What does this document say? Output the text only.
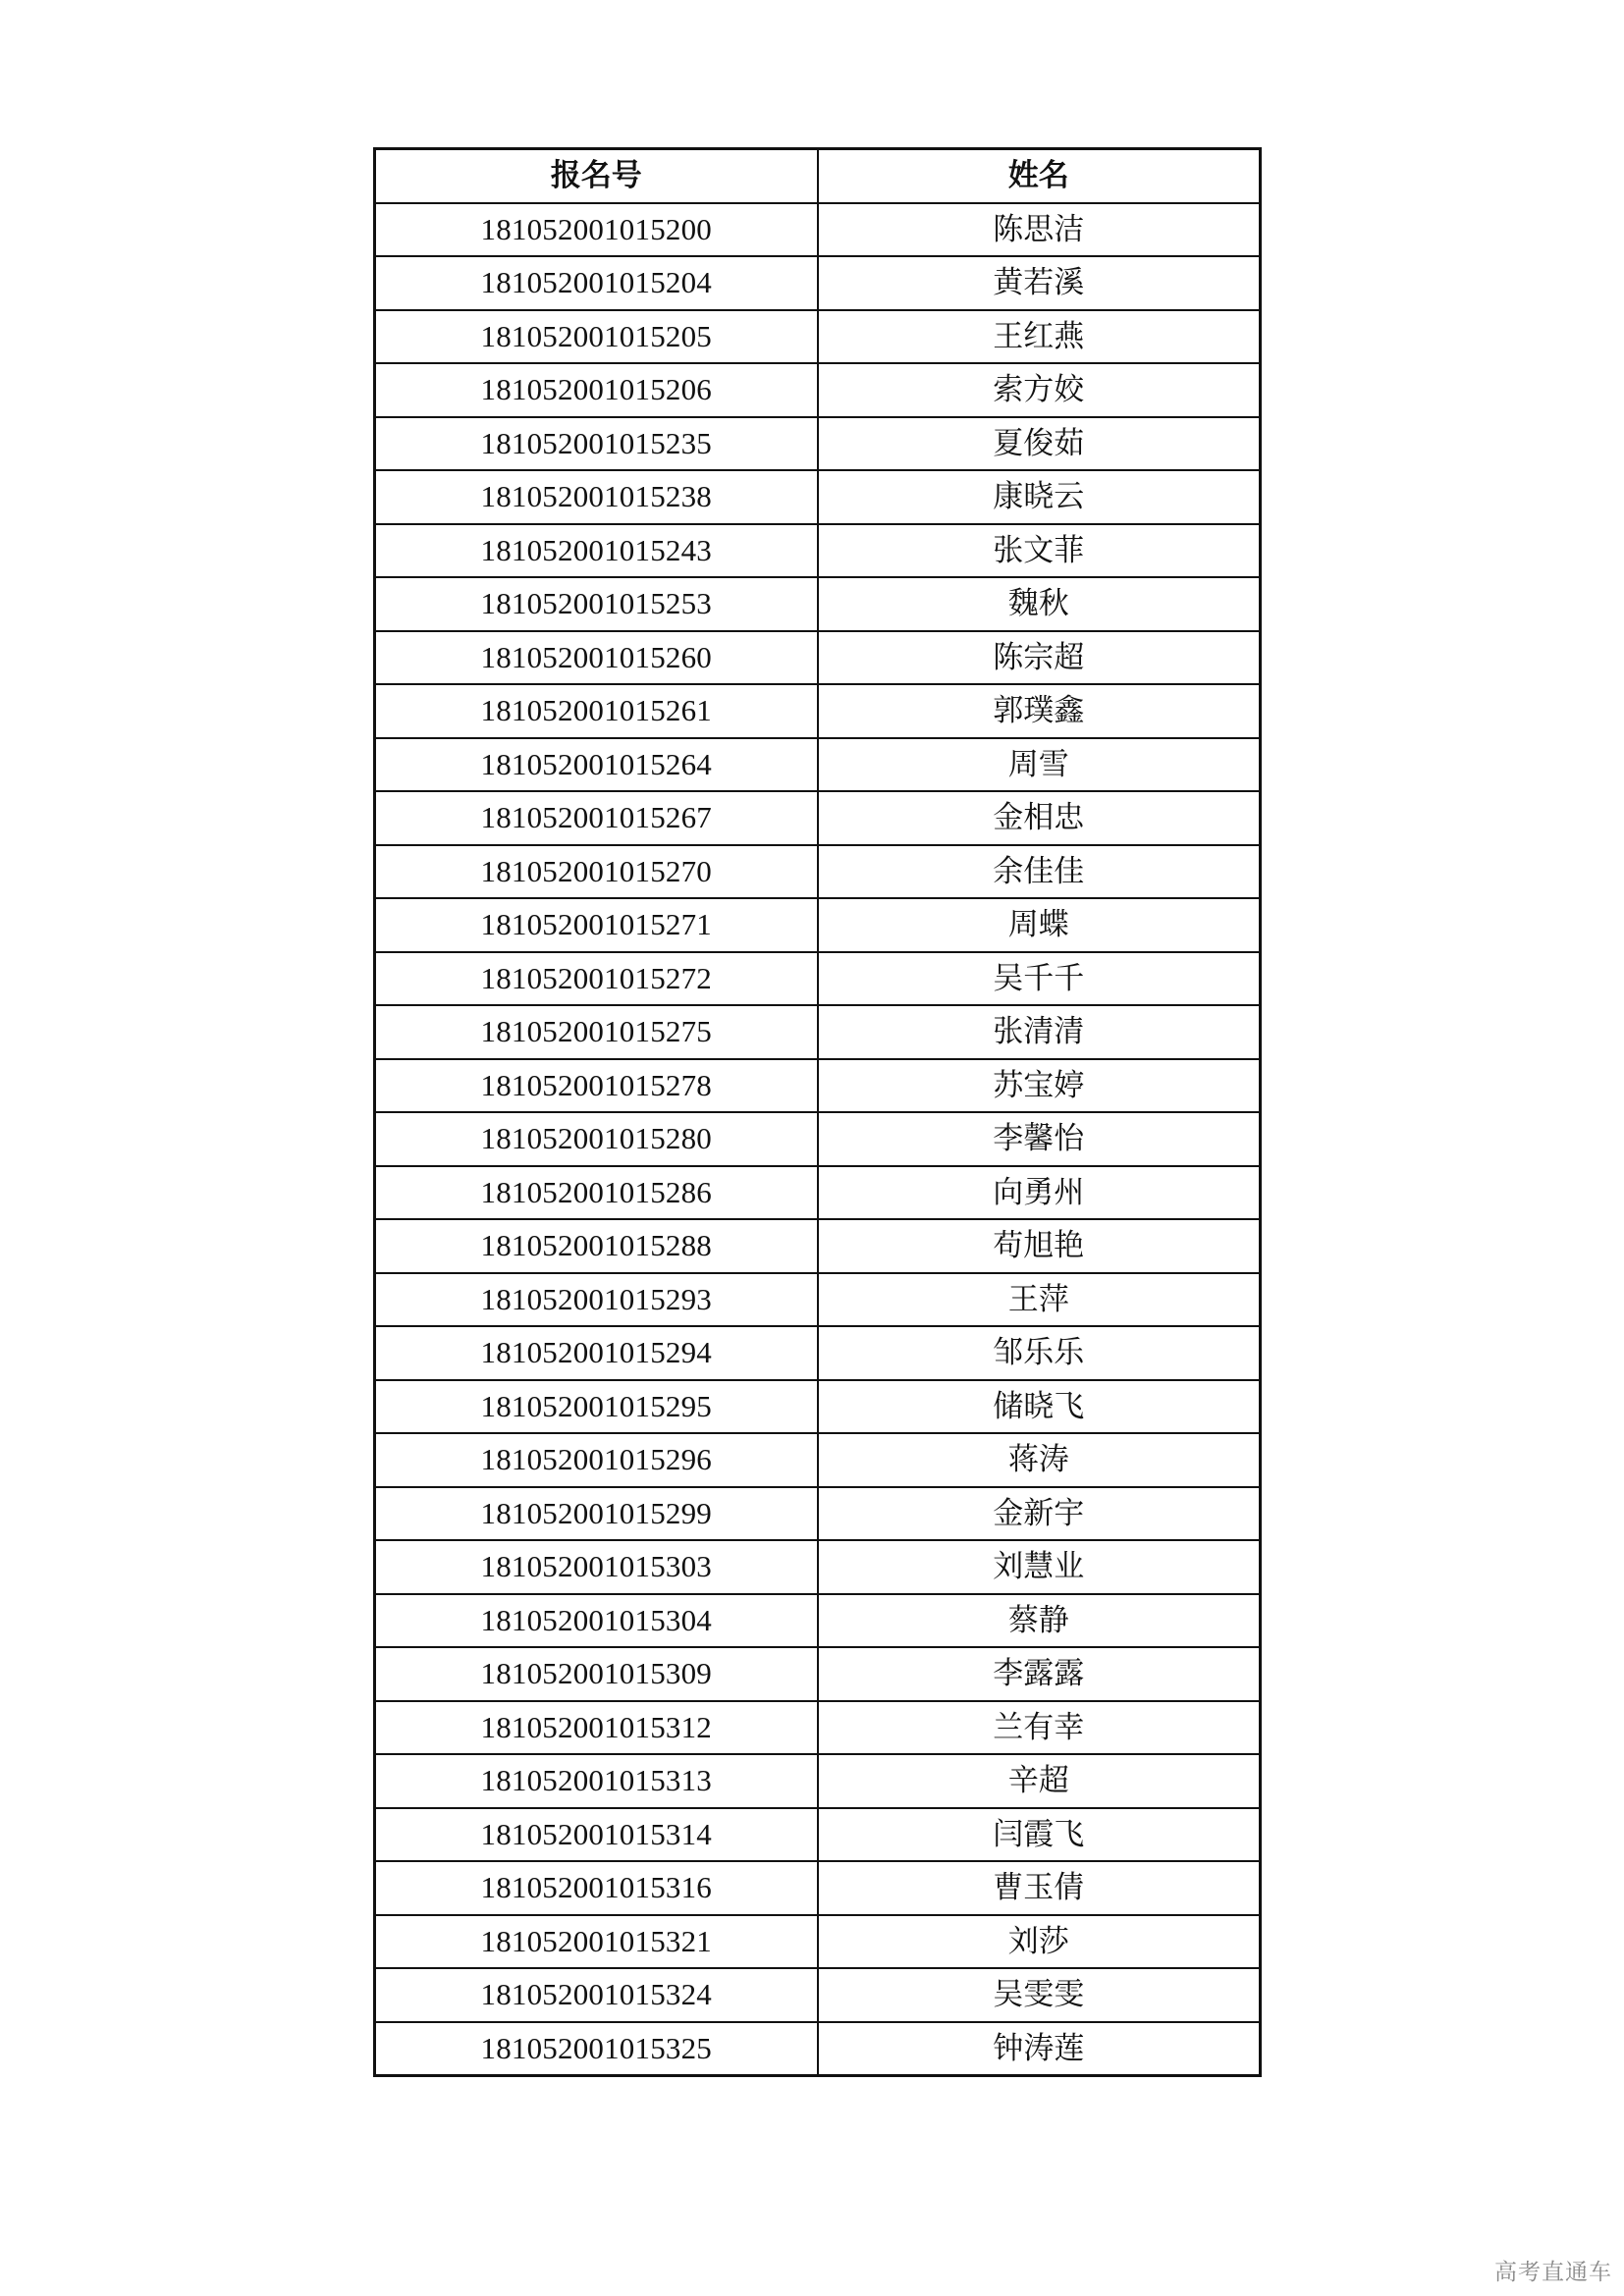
报名号	姓名
181052001015200	陈思洁
181052001015204	黄若溪
181052001015205	王红燕
181052001015206	索方姣
181052001015235	夏俊茹
181052001015238	康晓云
181052001015243	张文菲
181052001015253	魏秋
181052001015260	陈宗超
181052001015261	郭璞鑫
181052001015264	周雪
181052001015267	金相忠
181052001015270	余佳佳
181052001015271	周蝶
181052001015272	吴千千
181052001015275	张清清
181052001015278	苏宝婷
181052001015280	李馨怡
181052001015286	向勇州
181052001015288	苟旭艳
181052001015293	王萍
181052001015294	邹乐乐
181052001015295	储晓飞
181052001015296	蒋涛
181052001015299	金新宇
181052001015303	刘慧业
181052001015304	蔡静
181052001015309	李露露
181052001015312	兰有幸
181052001015313	辛超
181052001015314	闫霞飞
181052001015316	曹玉倩
181052001015321	刘莎
181052001015324	吴雯雯
181052001015325	钟涛莲
高考直通车
